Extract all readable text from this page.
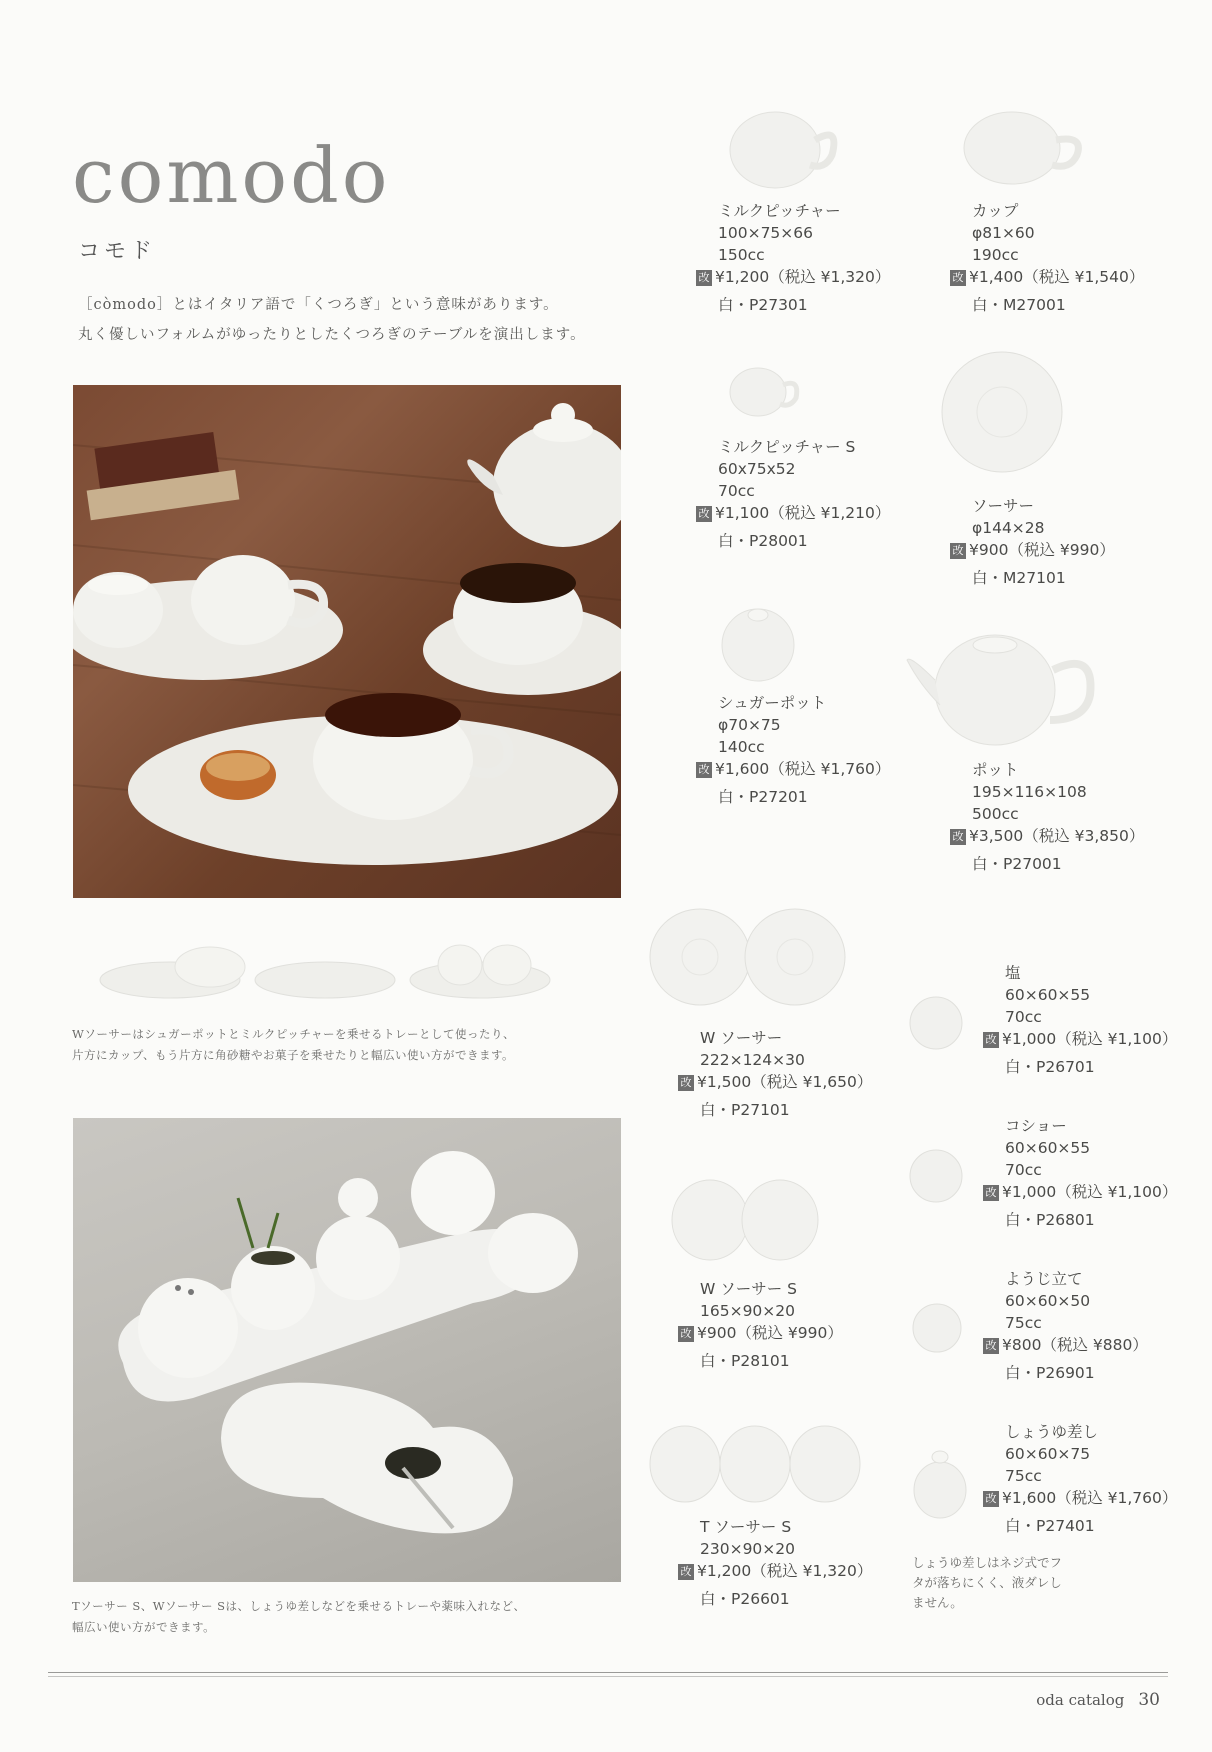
comodo
コモド
［còmodo］とはイタリア語で「くつろぎ」という意味があります。
丸く優しいフォルムがゆったりとしたくつろぎのテーブルを演出します。
Wソーサーはシュガーポットとミルクピッチャーを乗せるトレーとして使ったり、
片方にカップ、もう片方に角砂糖やお菓子を乗せたりと幅広い使い方ができます。
Tソーサー S、Wソーサー Sは、しょうゆ差しなどを乗せるトレーや薬味入れなど、
幅広い使い方ができます。
ミルクピッチャー
100×75×66
150cc
改 ¥1,200（税込 ¥1,320）
白・P27301
カップ
φ81×60
190cc
改 ¥1,400（税込 ¥1,540）
白・M27001
ミルクピッチャー S
60x75x52
70cc
改 ¥1,100（税込 ¥1,210）
白・P28001
ソーサー
φ144×28
改 ¥900（税込 ¥990）
白・M27101
シュガーポット
φ70×75
140cc
改 ¥1,600（税込 ¥1,760）
白・P27201
ポット
195×116×108
500cc
改 ¥3,500（税込 ¥3,850）
白・P27001
W ソーサー
222×124×30
改 ¥1,500（税込 ¥1,650）
白・P27101
塩
60×60×55
70cc
改 ¥1,000（税込 ¥1,100）
白・P26701
コショー
60×60×55
70cc
改 ¥1,000（税込 ¥1,100）
白・P26801
W ソーサー S
165×90×20
改 ¥900（税込 ¥990）
白・P28101
ようじ立て
60×60×50
75cc
改 ¥800（税込 ¥880）
白・P26901
しょうゆ差し
60×60×75
75cc
改 ¥1,600（税込 ¥1,760）
白・P27401
T ソーサー S
230×90×20
改 ¥1,200（税込 ¥1,320）
白・P26601
しょうゆ差しはネジ式でフ
タが落ちにくく、液ダレし
ません。
oda catalog 30
